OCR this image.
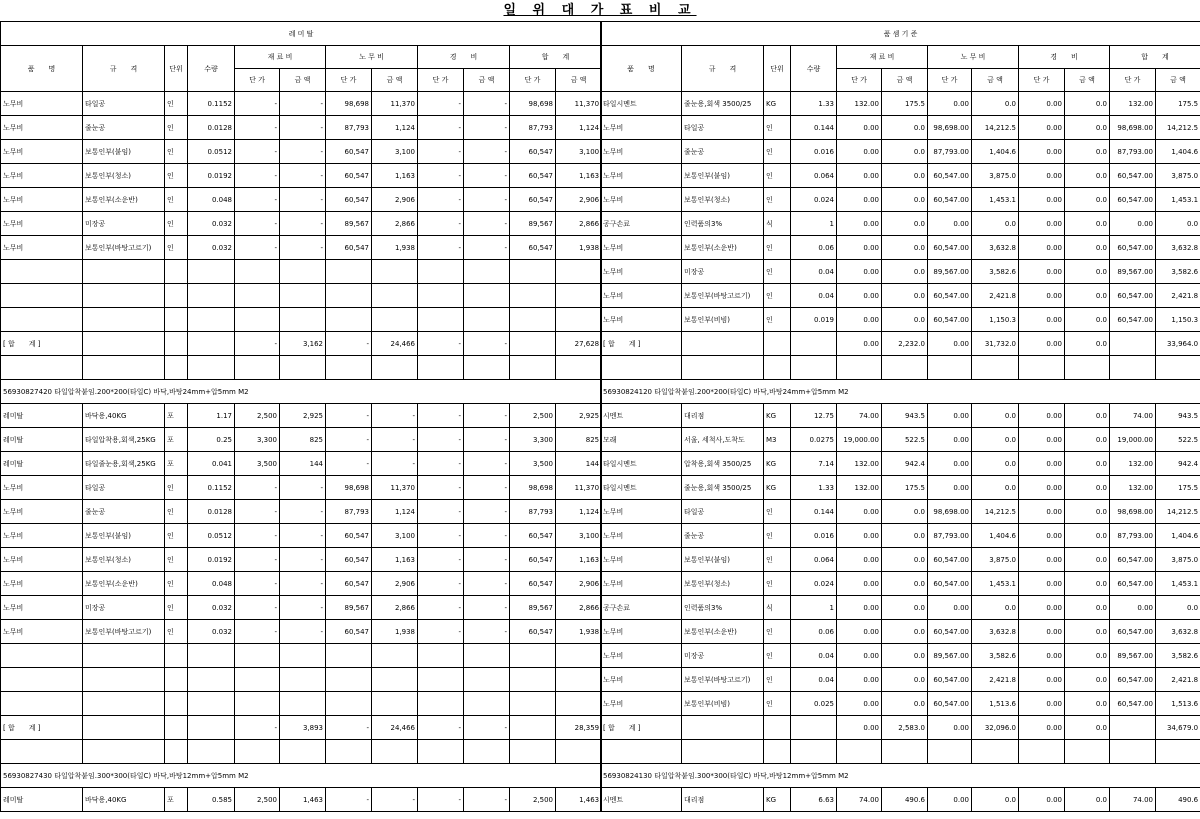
일 위 대 가 표 비 교
레 미 탈											
품　　명	규　　격	단위	수량	재 료 비		노 무 비		경　　비		합　　계	
				단 가	금 액	단 가	금 액	단 가	금 액	단 가	금 액
노무비	타일공	인	0.1152	-	-	98,698	11,370	-	-	98,698	11,370
노무비	줄눈공	인	0.0128	-	-	87,793	1,124	-	-	87,793	1,124
노무비	보통인부(붙임)	인	0.0512	-	-	60,547	3,100	-	-	60,547	3,100
노무비	보통인부(청소)	인	0.0192	-	-	60,547	1,163	-	-	60,547	1,163
노무비	보통인부(소운반)	인	0.048	-	-	60,547	2,906	-	-	60,547	2,906
노무비	미장공	인	0.032	-	-	89,567	2,866	-	-	89,567	2,866
노무비	보통인부(바탕고르기)	인	0.032	-	-	60,547	1,938	-	-	60,547	1,938

[ 합　　계 ]				-	3,162	-	24,466	-	-		27,628

56930827420 타일압착붙임.200*200(타일C) 바닥,바탕24mm+압5mm M2											
레미탈	바닥용,40KG	포	1.17	2,500	2,925	-	-	-	-	2,500	2,925
레미탈	타일압착용,회색,25KG	포	0.25	3,300	825	-	-	-	-	3,300	825
레미탈	타일줄눈용,회색,25KG	포	0.041	3,500	144	-	-	-	-	3,500	144
노무비	타일공	인	0.1152	-	-	98,698	11,370	-	-	98,698	11,370
노무비	줄눈공	인	0.0128	-	-	87,793	1,124	-	-	87,793	1,124
노무비	보통인부(붙임)	인	0.0512	-	-	60,547	3,100	-	-	60,547	3,100
노무비	보통인부(청소)	인	0.0192	-	-	60,547	1,163	-	-	60,547	1,163
노무비	보통인부(소운반)	인	0.048	-	-	60,547	2,906	-	-	60,547	2,906
노무비	미장공	인	0.032	-	-	89,567	2,866	-	-	89,567	2,866
노무비	보통인부(바탕고르기)	인	0.032	-	-	60,547	1,938	-	-	60,547	1,938

[ 합　　계 ]				-	3,893	-	24,466	-	-		28,359

56930827430 타일압착붙임.300*300(타일C) 바닥,바탕12mm+압5mm M2											
레미탈	바닥용,40KG	포	0.585	2,500	1,463	-	-	-	-	2,500	1,463
품 셈 기 준											
품　　명	규　　격	단위	수량	재 료 비		노 무 비		경　　비		합　　계	
				단 가	금 액	단 가	금 액	단 가	금 액	단 가	금 액
타일시멘트	줄눈용,회색 3500/25	KG	1.33	132.00	175.5	0.00	0.0	0.00	0.0	132.00	175.5
노무비	타일공	인	0.144	0.00	0.0	98,698.00	14,212.5	0.00	0.0	98,698.00	14,212.5
노무비	줄눈공	인	0.016	0.00	0.0	87,793.00	1,404.6	0.00	0.0	87,793.00	1,404.6
노무비	보통인부(붙임)	인	0.064	0.00	0.0	60,547.00	3,875.0	0.00	0.0	60,547.00	3,875.0
노무비	보통인부(청소)	인	0.024	0.00	0.0	60,547.00	1,453.1	0.00	0.0	60,547.00	1,453.1
공구손료	인력품의3%	식	1	0.00	0.0	0.00	0.0	0.00	0.0	0.00	0.0
노무비	보통인부(소운반)	인	0.06	0.00	0.0	60,547.00	3,632.8	0.00	0.0	60,547.00	3,632.8
노무비	미장공	인	0.04	0.00	0.0	89,567.00	3,582.6	0.00	0.0	89,567.00	3,582.6
노무비	보통인부(바탕고르기)	인	0.04	0.00	0.0	60,547.00	2,421.8	0.00	0.0	60,547.00	2,421.8
노무비	보통인부(비빔)	인	0.019	0.00	0.0	60,547.00	1,150.3	0.00	0.0	60,547.00	1,150.3
[ 합　　계 ]				0.00	2,232.0	0.00	31,732.0	0.00	0.0		33,964.0

56930824120 타일압착붙임.200*200(타일C) 바닥,바탕24mm+압5mm M2											
시멘트	대리점	KG	12.75	74.00	943.5	0.00	0.0	0.00	0.0	74.00	943.5
모래	서울, 세척사,도착도	M3	0.0275	19,000.00	522.5	0.00	0.0	0.00	0.0	19,000.00	522.5
타일시멘트	압착용,회색 3500/25	KG	7.14	132.00	942.4	0.00	0.0	0.00	0.0	132.00	942.4
타일시멘트	줄눈용,회색 3500/25	KG	1.33	132.00	175.5	0.00	0.0	0.00	0.0	132.00	175.5
노무비	타일공	인	0.144	0.00	0.0	98,698.00	14,212.5	0.00	0.0	98,698.00	14,212.5
노무비	줄눈공	인	0.016	0.00	0.0	87,793.00	1,404.6	0.00	0.0	87,793.00	1,404.6
노무비	보통인부(붙임)	인	0.064	0.00	0.0	60,547.00	3,875.0	0.00	0.0	60,547.00	3,875.0
노무비	보통인부(청소)	인	0.024	0.00	0.0	60,547.00	1,453.1	0.00	0.0	60,547.00	1,453.1
공구손료	인력품의3%	식	1	0.00	0.0	0.00	0.0	0.00	0.0	0.00	0.0
노무비	보통인부(소운반)	인	0.06	0.00	0.0	60,547.00	3,632.8	0.00	0.0	60,547.00	3,632.8
노무비	미장공	인	0.04	0.00	0.0	89,567.00	3,582.6	0.00	0.0	89,567.00	3,582.6
노무비	보통인부(바탕고르기)	인	0.04	0.00	0.0	60,547.00	2,421.8	0.00	0.0	60,547.00	2,421.8
노무비	보통인부(비빔)	인	0.025	0.00	0.0	60,547.00	1,513.6	0.00	0.0	60,547.00	1,513.6
[ 합　　계 ]				0.00	2,583.0	0.00	32,096.0	0.00	0.0		34,679.0

56930824130 타일압착붙임.300*300(타일C) 바닥,바탕12mm+압5mm M2											
시멘트	대리점	KG	6.63	74.00	490.6	0.00	0.0	0.00	0.0	74.00	490.6
